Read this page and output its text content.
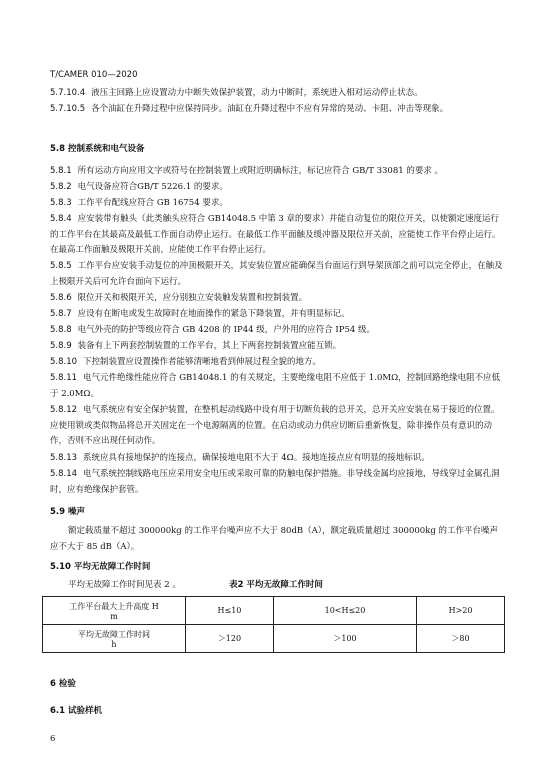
T/CAMER 010—2020
5.7.10.4 液压主回路上应设置动力中断失效保护装置，动力中断时，系统进入相对运动停止状态。
5.7.10.5 各个油缸在升降过程中应保持同步。油缸在升降过程中不应有异常的晃动、卡阻、冲击等现象。
5.8 控制系统和电气设备
5.8.1 所有运动方向应用文字或符号在控制装置上或附近明确标注，标记应符合 GB/T 33081 的要求 。
5.8.2 电气设备应符合GB/T 5226.1 的要求。
5.8.3 工作平台配线应符合 GB 16754 要求。
5.8.4 应安装带有触头（此类触头应符合 GB14048.5 中第 3 章的要求）并能自动复位的限位开关，以使额定速度运行的工作平台在其最高及最低工作面自动停止运行。在最低工作平面触及缓冲器及限位开关前，应能使工作平台停止运行。在最高工作面触及极限开关前，应能使工作平台停止运行。
5.8.5 工作平台应安装手动复位的冲顶极限开关，其安装位置应能确保当台面运行到导架顶部之前可以完全停止，在触及上极限开关后可允许台面向下运行。
5.8.6 限位开关和极限开关，应分别独立安装触发装置和控制装置。
5.8.7 应设有在断电或发生故障时在地面操作的紧急下降装置，并有明显标记。
5.8.8 电气外壳的防护等级应符合 GB 4208 的 IP44 级，户外用的应符合 IP54 级。
5.8.9 装备有上下两套控制装置的工作平台，其上下两套控制装置应能互锁。
5.8.10 下控制装置应设置操作者能够清晰地看到伸展过程全貌的地方。
5.8.11 电气元件绝缘性能应符合 GB14048.1 的有关规定，主要绝缘电阻不应低于 1.0MΩ，控制回路绝缘电阻不应低于 2.0MΩ。
5.8.12 电气系统应有安全保护装置，在整机起动线路中设有用于切断负载的总开关，总开关应安装在易于接近的位置。应使用锁或类似物品将总开关固定在一个电源隔离的位置。在启动或动力供应切断后重新恢复，除非操作员有意识的动作，否则不应出现任何动作。
5.8.13 系统应具有接地保护的连接点，确保接地电阻不大于 4Ω。接地连接点应有明显的接地标识。
5.8.14 电气系统控制线路电压应采用安全电压或采取可靠的防触电保护措施。非导线金属均应接地，导线穿过金属孔洞时，应有绝缘保护套管。
5.9 噪声
额定载质量不超过 300000kg 的工作平台噪声应不大于 80dB（A），额定载质量超过 300000kg 的工作平台噪声应不大于 85 dB（A）。
5.10 平均无故障工作时间
平均无故障工作时间见表 2 。	表2 平均无故障工作时间
工作平台最大上升高度 H
m	H≤10	10<H≤20	H>20

平均无故障工作时间
h	＞120	＞100	＞80
6 检验
6.1 试验样机
6
